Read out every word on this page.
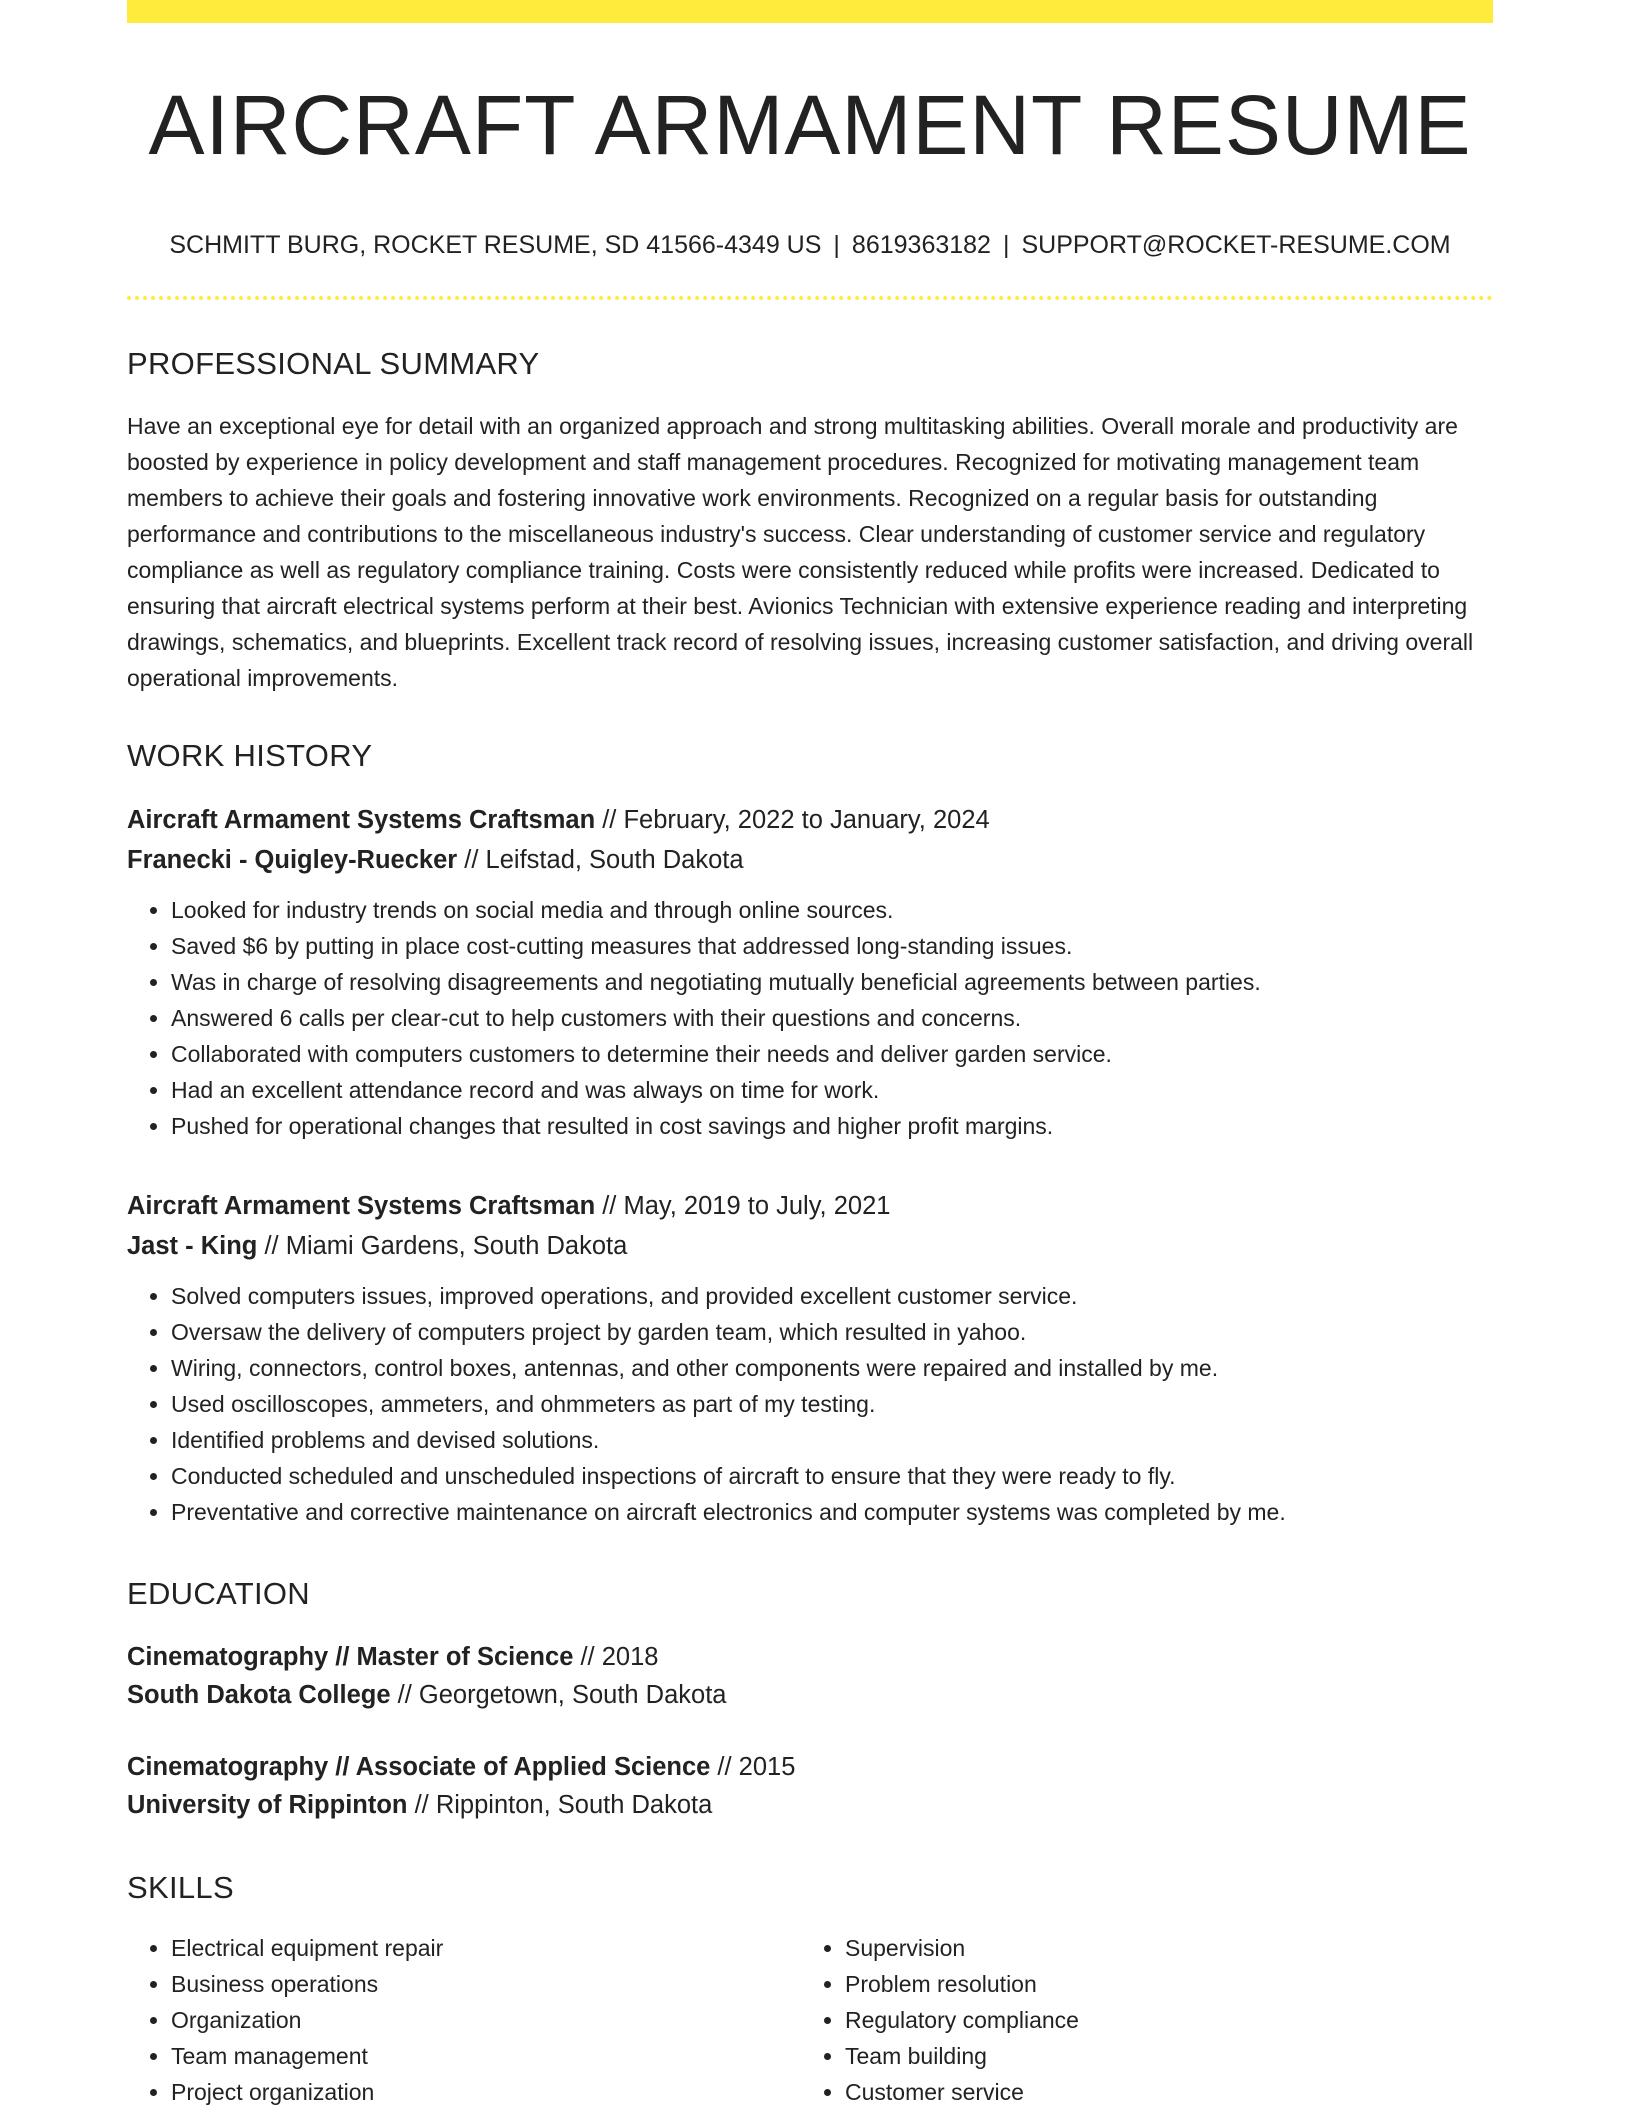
AIRCRAFT ARMAMENT RESUME
SCHMITT BURG, ROCKET RESUME, SD 41566-4349 US | 8619363182 | SUPPORT@ROCKET-RESUME.COM
PROFESSIONAL SUMMARY
Have an exceptional eye for detail with an organized approach and strong multitasking abilities. Overall morale and productivity are boosted by experience in policy development and staff management procedures. Recognized for motivating management team members to achieve their goals and fostering innovative work environments. Recognized on a regular basis for outstanding performance and contributions to the miscellaneous industry's success. Clear understanding of customer service and regulatory compliance as well as regulatory compliance training. Costs were consistently reduced while profits were increased. Dedicated to ensuring that aircraft electrical systems perform at their best. Avionics Technician with extensive experience reading and interpreting drawings, schematics, and blueprints. Excellent track record of resolving issues, increasing customer satisfaction, and driving overall operational improvements.
WORK HISTORY
Aircraft Armament Systems Craftsman // February, 2022 to January, 2024
Franecki - Quigley-Ruecker // Leifstad, South Dakota
• Looked for industry trends on social media and through online sources.
• Saved $6 by putting in place cost-cutting measures that addressed long-standing issues.
• Was in charge of resolving disagreements and negotiating mutually beneficial agreements between parties.
• Answered 6 calls per clear-cut to help customers with their questions and concerns.
• Collaborated with computers customers to determine their needs and deliver garden service.
• Had an excellent attendance record and was always on time for work.
• Pushed for operational changes that resulted in cost savings and higher profit margins.
Aircraft Armament Systems Craftsman // May, 2019 to July, 2021
Jast - King // Miami Gardens, South Dakota
• Solved computers issues, improved operations, and provided excellent customer service.
• Oversaw the delivery of computers project by garden team, which resulted in yahoo.
• Wiring, connectors, control boxes, antennas, and other components were repaired and installed by me.
• Used oscilloscopes, ammeters, and ohmmeters as part of my testing.
• Identified problems and devised solutions.
• Conducted scheduled and unscheduled inspections of aircraft to ensure that they were ready to fly.
• Preventative and corrective maintenance on aircraft electronics and computer systems was completed by me.
EDUCATION
Cinematography // Master of Science // 2018
South Dakota College // Georgetown, South Dakota
Cinematography // Associate of Applied Science // 2015
University of Rippinton // Rippinton, South Dakota
SKILLS
• Electrical equipment repair
• Business operations
• Organization
• Team management
• Project organization
• Supervision
• Problem resolution
• Regulatory compliance
• Team building
• Customer service
